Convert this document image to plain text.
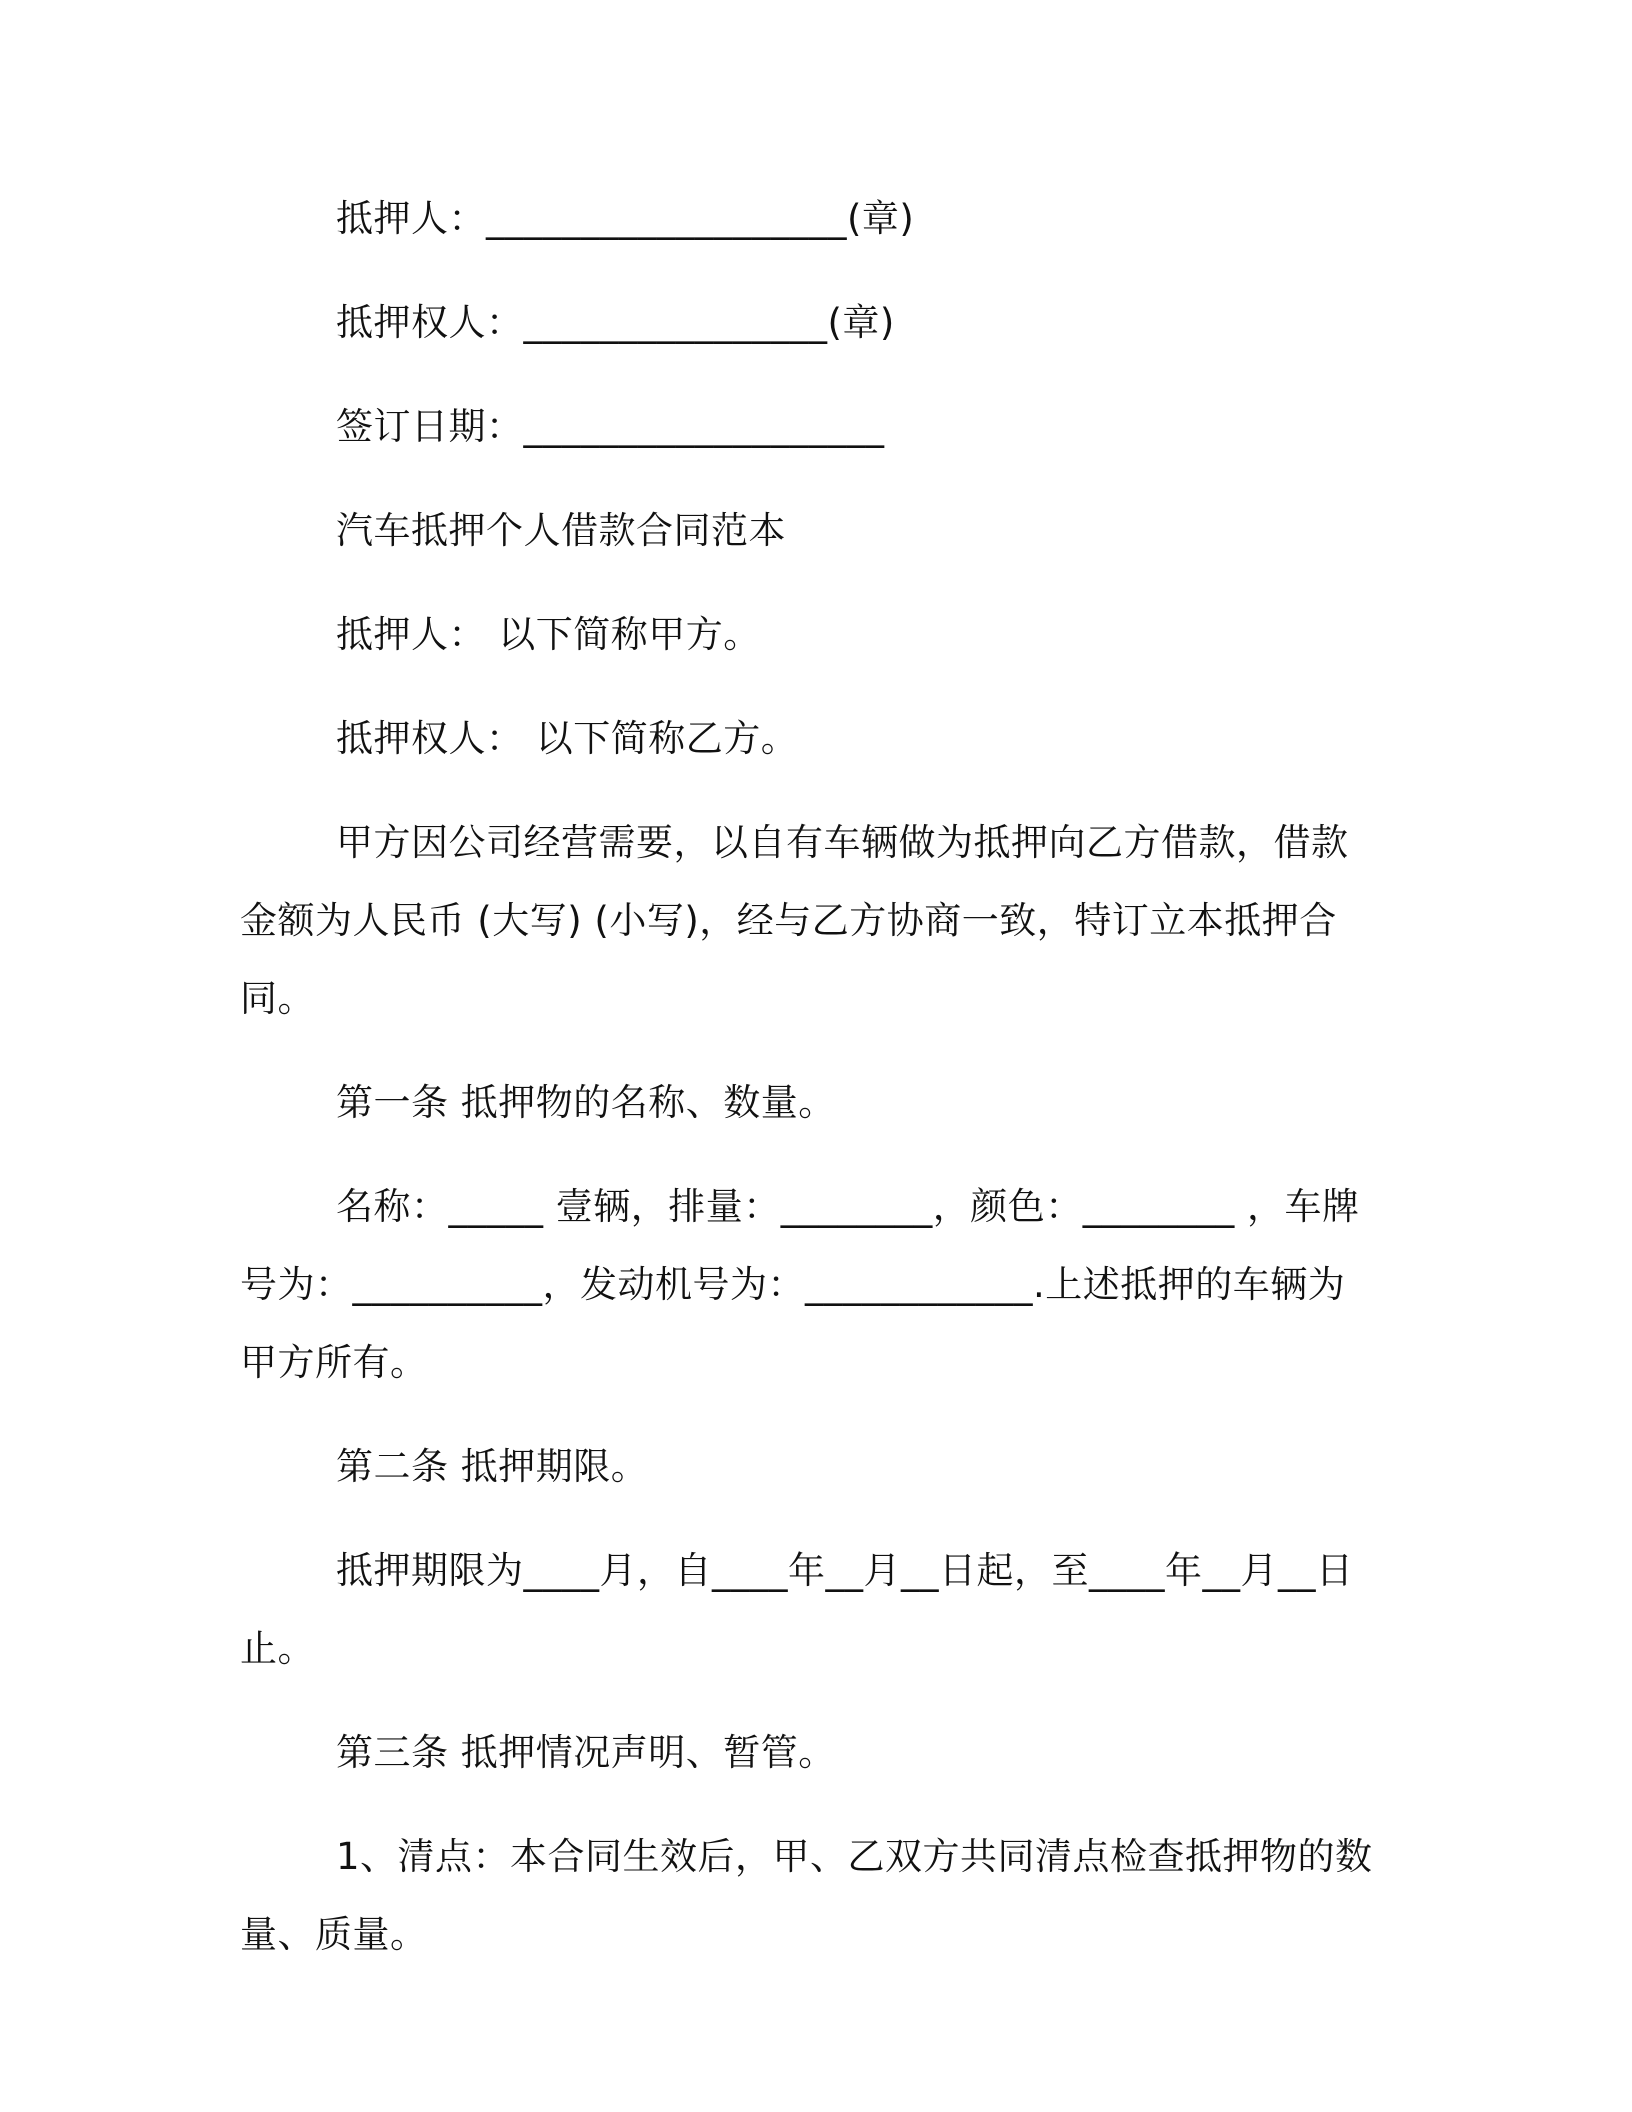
抵押人：___________________(章)

抵押权人：________________(章)

签订日期：___________________

汽车抵押个人借款合同范本

抵押人： 以下简称甲方。

抵押权人： 以下简称乙方。

甲方因公司经营需要，以自有车辆做为抵押向乙方借款，借款金额为人民币 (大写) (小写)，经与乙方协商一致，特订立本抵押合同。

第一条 抵押物的名称、数量。

名称：_____ 壹辆，排量：________，颜色：________ ，车牌号为：__________，发动机号为：____________.上述抵押的车辆为甲方所有。

第二条 抵押期限。

抵押期限为____月，自____年__月__日起，至____年__月__日止。

第三条 抵押情况声明、暂管。

1、清点：本合同生效后，甲、乙双方共同清点检查抵押物的数量、质量。
